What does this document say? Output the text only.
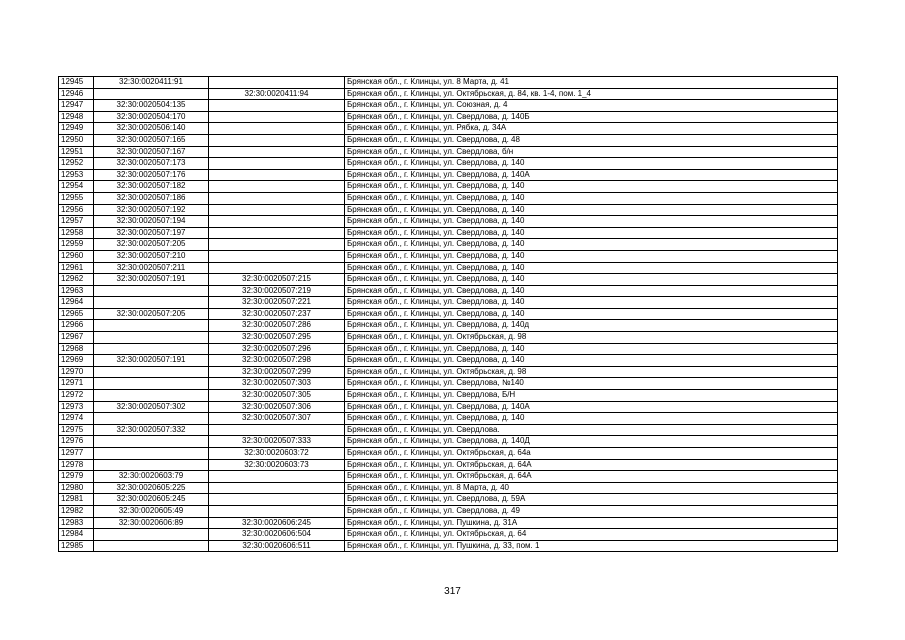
12945	32:30:0020411:91		Брянская обл., г. Клинцы, ул. 8 Марта, д. 41
12946		32:30:0020411:94	Брянская обл., г. Клинцы, ул. Октябрьская, д. 84, кв. 1-4, пом. 1_4
12947	32:30:0020504:135		Брянская обл., г. Клинцы, ул. Союзная, д. 4
12948	32:30:0020504:170		Брянская обл., г. Клинцы, ул. Свердлова, д. 140Б
12949	32:30:0020506:140		Брянская обл., г. Клинцы, ул. Рябка, д. 34А
12950	32:30:0020507:165		Брянская обл., г. Клинцы, ул. Свердлова, д. 48
12951	32:30:0020507:167		Брянская обл., г. Клинцы, ул. Свердлова, б/н
12952	32:30:0020507:173		Брянская обл., г. Клинцы, ул. Свердлова, д. 140
12953	32:30:0020507:176		Брянская обл., г. Клинцы, ул. Свердлова, д. 140А
12954	32:30:0020507:182		Брянская обл., г. Клинцы, ул. Свердлова, д. 140
12955	32:30:0020507:186		Брянская обл., г. Клинцы, ул. Свердлова, д. 140
12956	32:30:0020507:192		Брянская обл., г. Клинцы, ул. Свердлова, д. 140
12957	32:30:0020507:194		Брянская обл., г. Клинцы, ул. Свердлова, д. 140
12958	32:30:0020507:197		Брянская обл., г. Клинцы, ул. Свердлова, д. 140
12959	32:30:0020507:205		Брянская обл., г. Клинцы, ул. Свердлова, д. 140
12960	32:30:0020507:210		Брянская обл., г. Клинцы, ул. Свердлова, д. 140
12961	32:30:0020507:211		Брянская обл., г. Клинцы, ул. Свердлова, д. 140
12962	32:30:0020507:191	32:30:0020507:215	Брянская обл., г. Клинцы, ул. Свердлова, д. 140
12963		32:30:0020507:219	Брянская обл., г. Клинцы, ул. Свердлова, д. 140
12964		32:30:0020507:221	Брянская обл., г. Клинцы, ул. Свердлова, д. 140
12965	32:30:0020507:205	32:30:0020507:237	Брянская обл., г. Клинцы, ул. Свердлова, д. 140
12966		32:30:0020507:286	Брянская обл., г. Клинцы, ул. Свердлова, д. 140д
12967		32:30:0020507:295	Брянская обл., г. Клинцы, ул. Октябрьская, д. 98
12968		32:30:0020507:296	Брянская обл., г. Клинцы, ул. Свердлова, д. 140
12969	32:30:0020507:191	32:30:0020507:298	Брянская обл., г. Клинцы, ул. Свердлова, д. 140
12970		32:30:0020507:299	Брянская обл., г. Клинцы, ул. Октябрьская, д. 98
12971		32:30:0020507:303	Брянская обл., г. Клинцы, ул. Свердлова, №140
12972		32:30:0020507:305	Брянская обл., г. Клинцы, ул. Свердлова, Б/Н
12973	32:30:0020507:302	32:30:0020507:306	Брянская обл., г. Клинцы, ул. Свердлова, д. 140А
12974		32:30:0020507:307	Брянская обл., г. Клинцы, ул. Свердлова, д. 140
12975	32:30:0020507:332		Брянская обл., г. Клинцы, ул. Свердлова.
12976		32:30:0020507:333	Брянская обл., г. Клинцы, ул. Свердлова, д. 140Д
12977		32:30:0020603:72	Брянская обл., г. Клинцы, ул. Октябрьская, д. 64а
12978		32:30:0020603:73	Брянская обл., г. Клинцы, ул. Октябрьская, д. 64А
12979	32:30:0020603:79		Брянская обл., г. Клинцы, ул. Октябрьская, д. 64А
12980	32:30:0020605:225		Брянская обл., г. Клинцы, ул. 8 Марта, д. 40
12981	32:30:0020605:245		Брянская обл., г. Клинцы, ул. Свердлова, д. 59А
12982	32:30:0020605:49		Брянская обл., г. Клинцы, ул. Свердлова, д. 49
12983	32:30:0020606:89	32:30:0020606:245	Брянская обл., г. Клинцы, ул. Пушкина, д. 31А
12984		32:30:0020606:504	Брянская обл., г. Клинцы, ул. Октябрьская, д. 64
12985		32:30:0020606:511	Брянская обл., г. Клинцы, ул. Пушкина, д. 33, пом. 1
317
